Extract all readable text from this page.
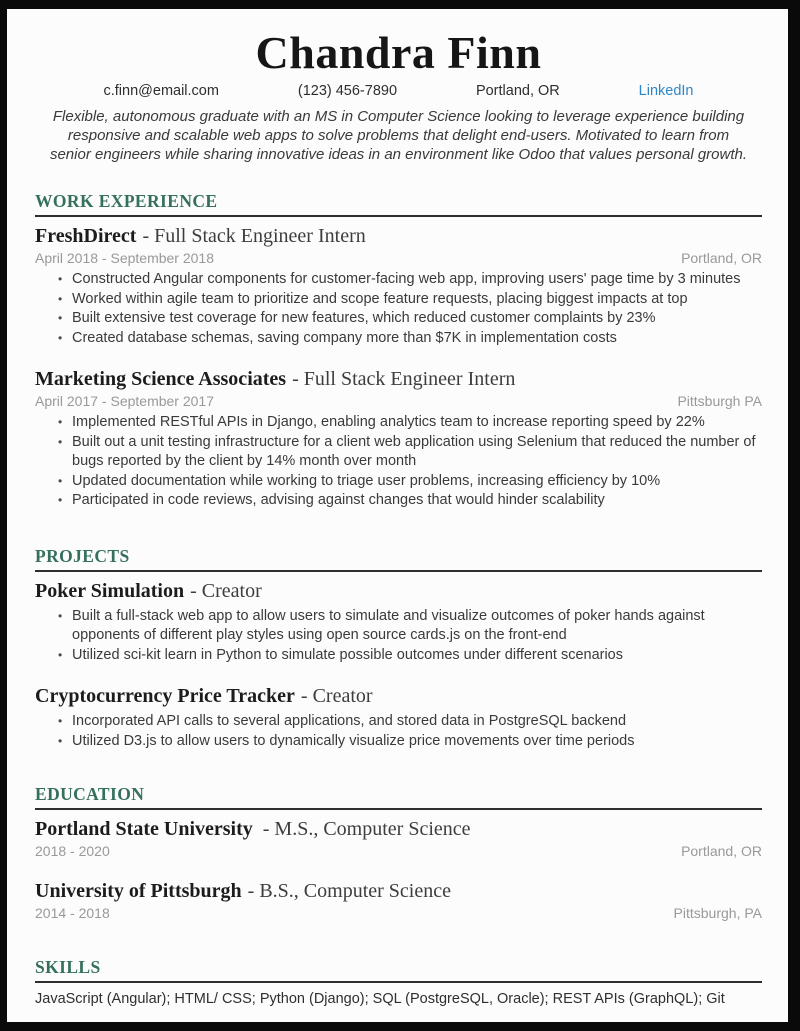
Chandra Finn
c.finn@email.com	(123) 456-7890	Portland, OR	LinkedIn

Flexible, autonomous graduate with an MS in Computer Science looking to leverage experience building responsive and scalable web apps to solve problems that delight end-users. Motivated to learn from senior engineers while sharing innovative ideas in an environment like Odoo that values personal growth.

WORK EXPERIENCE
FreshDirect - Full Stack Engineer Intern
April 2018 - September 2018	Portland, OR
• Constructed Angular components for customer-facing web app, improving users' page time by 3 minutes
• Worked within agile team to prioritize and scope feature requests, placing biggest impacts at top
• Built extensive test coverage for new features, which reduced customer complaints by 23%
• Created database schemas, saving company more than $7K in implementation costs
Marketing Science Associates - Full Stack Engineer Intern
April 2017 - September 2017	Pittsburgh PA
• Implemented RESTful APIs in Django, enabling analytics team to increase reporting speed by 22%
• Built out a unit testing infrastructure for a client web application using Selenium that reduced the number of bugs reported by the client by 14% month over month
• Updated documentation while working to triage user problems, increasing efficiency by 10%
• Participated in code reviews, advising against changes that would hinder scalability
PROJECTS
Poker Simulation - Creator
• Built a full-stack web app to allow users to simulate and visualize outcomes of poker hands against opponents of different play styles using open source cards.js on the front-end
• Utilized sci-kit learn in Python to simulate possible outcomes under different scenarios
Cryptocurrency Price Tracker - Creator
• Incorporated API calls to several applications, and stored data in PostgreSQL backend
• Utilized D3.js to allow users to dynamically visualize price movements over time periods
EDUCATION
Portland State University - M.S., Computer Science
2018 - 2020	Portland, OR
University of Pittsburgh - B.S., Computer Science
2014 - 2018	Pittsburgh, PA
SKILLS
JavaScript (Angular); HTML/ CSS; Python (Django); SQL (PostgreSQL, Oracle); REST APIs (GraphQL); Git
